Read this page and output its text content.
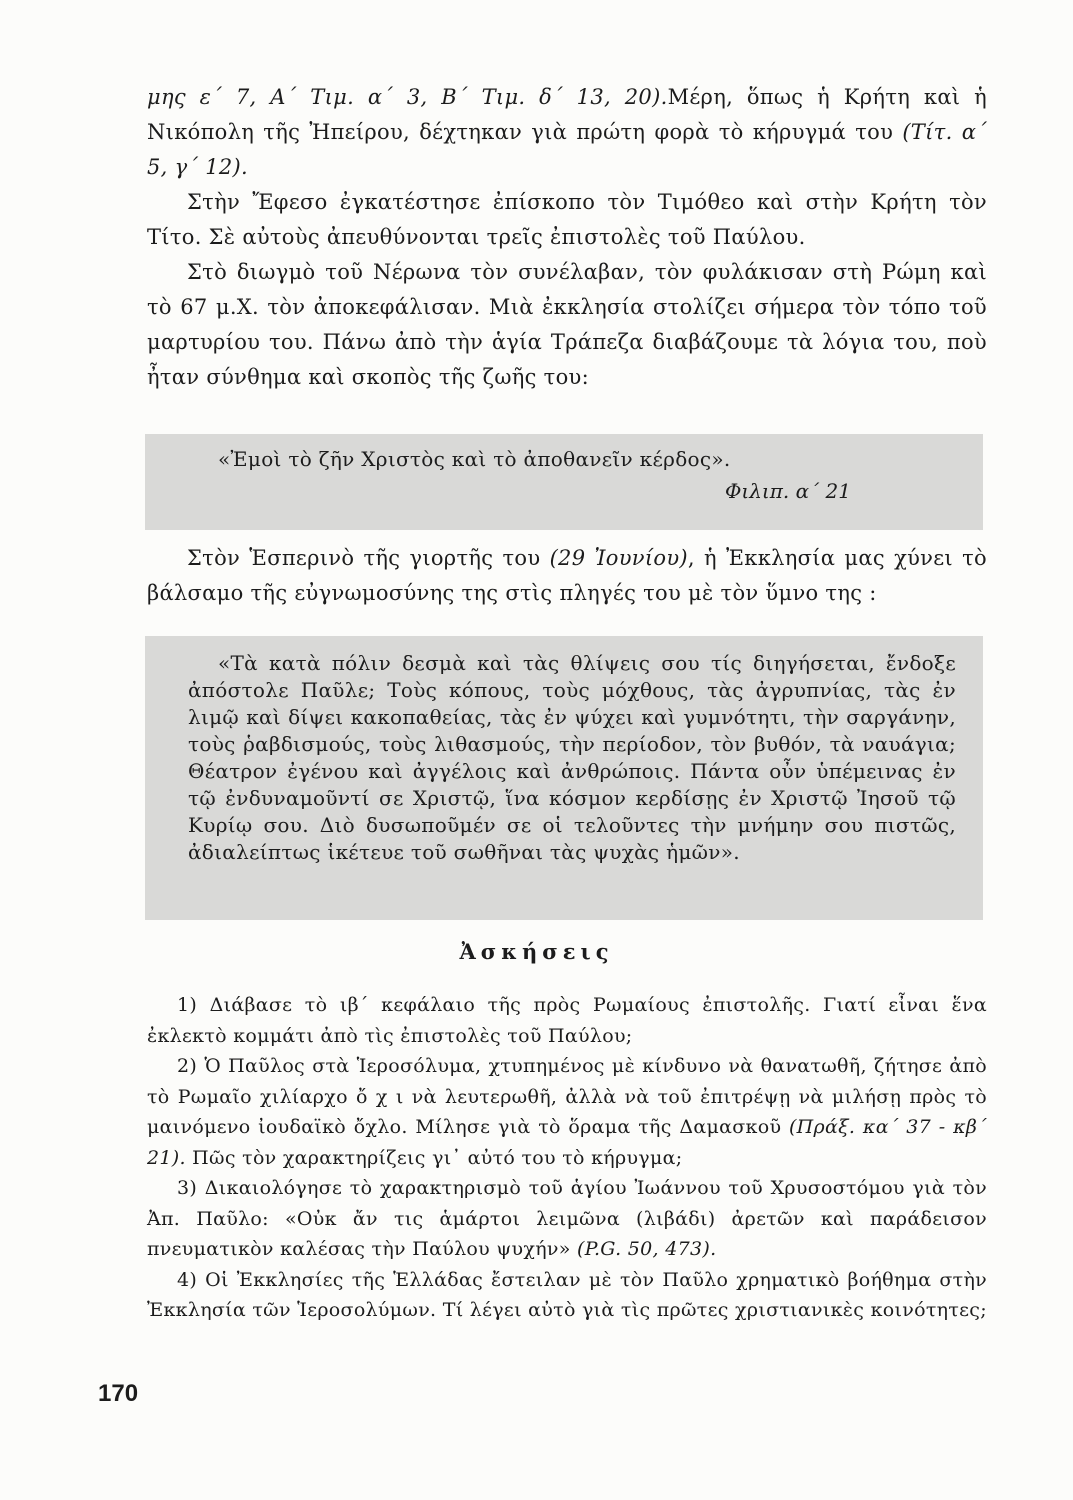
μης ε΄ 7, Α΄ Τιμ. α΄ 3, Β΄ Τιμ. δ΄ 13, 20).Μέρη, ὅπως ἡ Κρήτη καὶ ἡ Νικόπολη τῆς Ἠπείρου, δέχτηκαν γιὰ πρώτη φορὰ τὸ κήρυγμά του (Τίτ. α΄ 5, γ΄ 12).

Στὴν Ἔφεσο ἐγκατέστησε ἐπίσκοπο τὸν Τιμόθεο καὶ στὴν Κρήτη τὸν Τίτο. Σὲ αὐτοὺς ἀπευθύνονται τρεῖς ἐπιστολὲς τοῦ Παύλου.

Στὸ διωγμὸ τοῦ Νέρωνα τὸν συνέλαβαν, τὸν φυλάκισαν στὴ Ρώμη καὶ τὸ 67 μ.Χ. τὸν ἀποκεφάλισαν. Μιὰ ἐκκλησία στολίζει σήμερα τὸν τόπο τοῦ μαρτυρίου του. Πάνω ἀπὸ τὴν ἁγία Τράπεζα διαβάζουμε τὰ λόγια του, ποὺ ἦταν σύνθημα καὶ σκοπὸς τῆς ζωῆς του:

«Ἐμοὶ τὸ ζῆν Χριστὸς καὶ τὸ ἀποθανεῖν κέρδος».
Φιλιπ. α΄ 21

Στὸν Ἑσπερινὸ τῆς γιορτῆς του (29 Ἰουνίου), ἡ Ἐκκλησία μας χύνει τὸ βάλσαμο τῆς εὐγνωμοσύνης της στὶς πληγές του μὲ τὸν ὕμνο της :

«Τὰ κατὰ πόλιν δεσμὰ καὶ τὰς θλίψεις σου τίς διηγήσεται, ἔνδοξε ἀπόστολε Παῦλε; Τοὺς κόπους, τοὺς μόχθους, τὰς ἀγρυπνίας, τὰς ἐν λιμῷ καὶ δίψει κακοπαθείας, τὰς ἐν ψύχει καὶ γυμνότητι, τὴν σαργάνην, τοὺς ῥαβδισμούς, τοὺς λιθασμούς, τὴν περίοδον, τὸν βυθόν, τὰ ναυάγια; Θέατρον ἐγένου καὶ ἀγγέλοις καὶ ἀνθρώποις. Πάντα οὖν ὑπέμεινας ἐν τῷ ἐνδυναμοῦντί σε Χριστῷ, ἵνα κόσμον κερδίσῃς ἐν Χριστῷ Ἰησοῦ τῷ Κυρίῳ σου. Διὸ δυσωποῦμέν σε οἱ τελοῦντες τὴν μνήμην σου πιστῶς, ἀδιαλείπτως ἱκέτευε τοῦ σωθῆναι τὰς ψυχὰς ἡμῶν».
Ἀσκήσεις

1) Διάβασε τὸ ιβ΄ κεφάλαιο τῆς πρὸς Ρωμαίους ἐπιστολῆς. Γιατί εἶναι ἕνα ἐκλεκτὸ κομμάτι ἀπὸ τὶς ἐπιστολὲς τοῦ Παύλου;

2) Ὁ Παῦλος στὰ Ἱεροσόλυμα, χτυπημένος μὲ κίνδυνο νὰ θανατωθῆ, ζήτησε ἀπὸ τὸ Ρωμαῖο χιλίαρχο ὄ χ ι νὰ λευτερωθῆ, ἀλλὰ νὰ τοῦ ἐπιτρέψῃ νὰ μιλήσῃ πρὸς τὸ μαινόμενο ἰουδαϊκὸ ὄχλο. Μίλησε γιὰ τὸ ὅραμα τῆς Δαμασκοῦ (Πράξ. κα΄ 37 - κβ΄ 21). Πῶς τὸν χαρακτηρίζεις γι᾿ αὐτό του τὸ κήρυγμα;

3) Δικαιολόγησε τὸ χαρακτηρισμὸ τοῦ ἁγίου Ἰωάννου τοῦ Χρυσοστόμου γιὰ τὸν Ἀπ. Παῦλο: «Οὐκ ἄν τις ἁμάρτοι λειμῶνα (λιβάδι) ἀρετῶν καὶ παράδεισον πνευματικὸν καλέσας τὴν Παύλου ψυχήν» (P.G. 50, 473).

4) Οἱ Ἐκκλησίες τῆς Ἑλλάδας ἔστειλαν μὲ τὸν Παῦλο χρηματικὸ βοήθημα στὴν Ἐκκλησία τῶν Ἱεροσολύμων. Τί λέγει αὐτὸ γιὰ τὶς πρῶτες χριστιανικὲς κοινότητες;

170
